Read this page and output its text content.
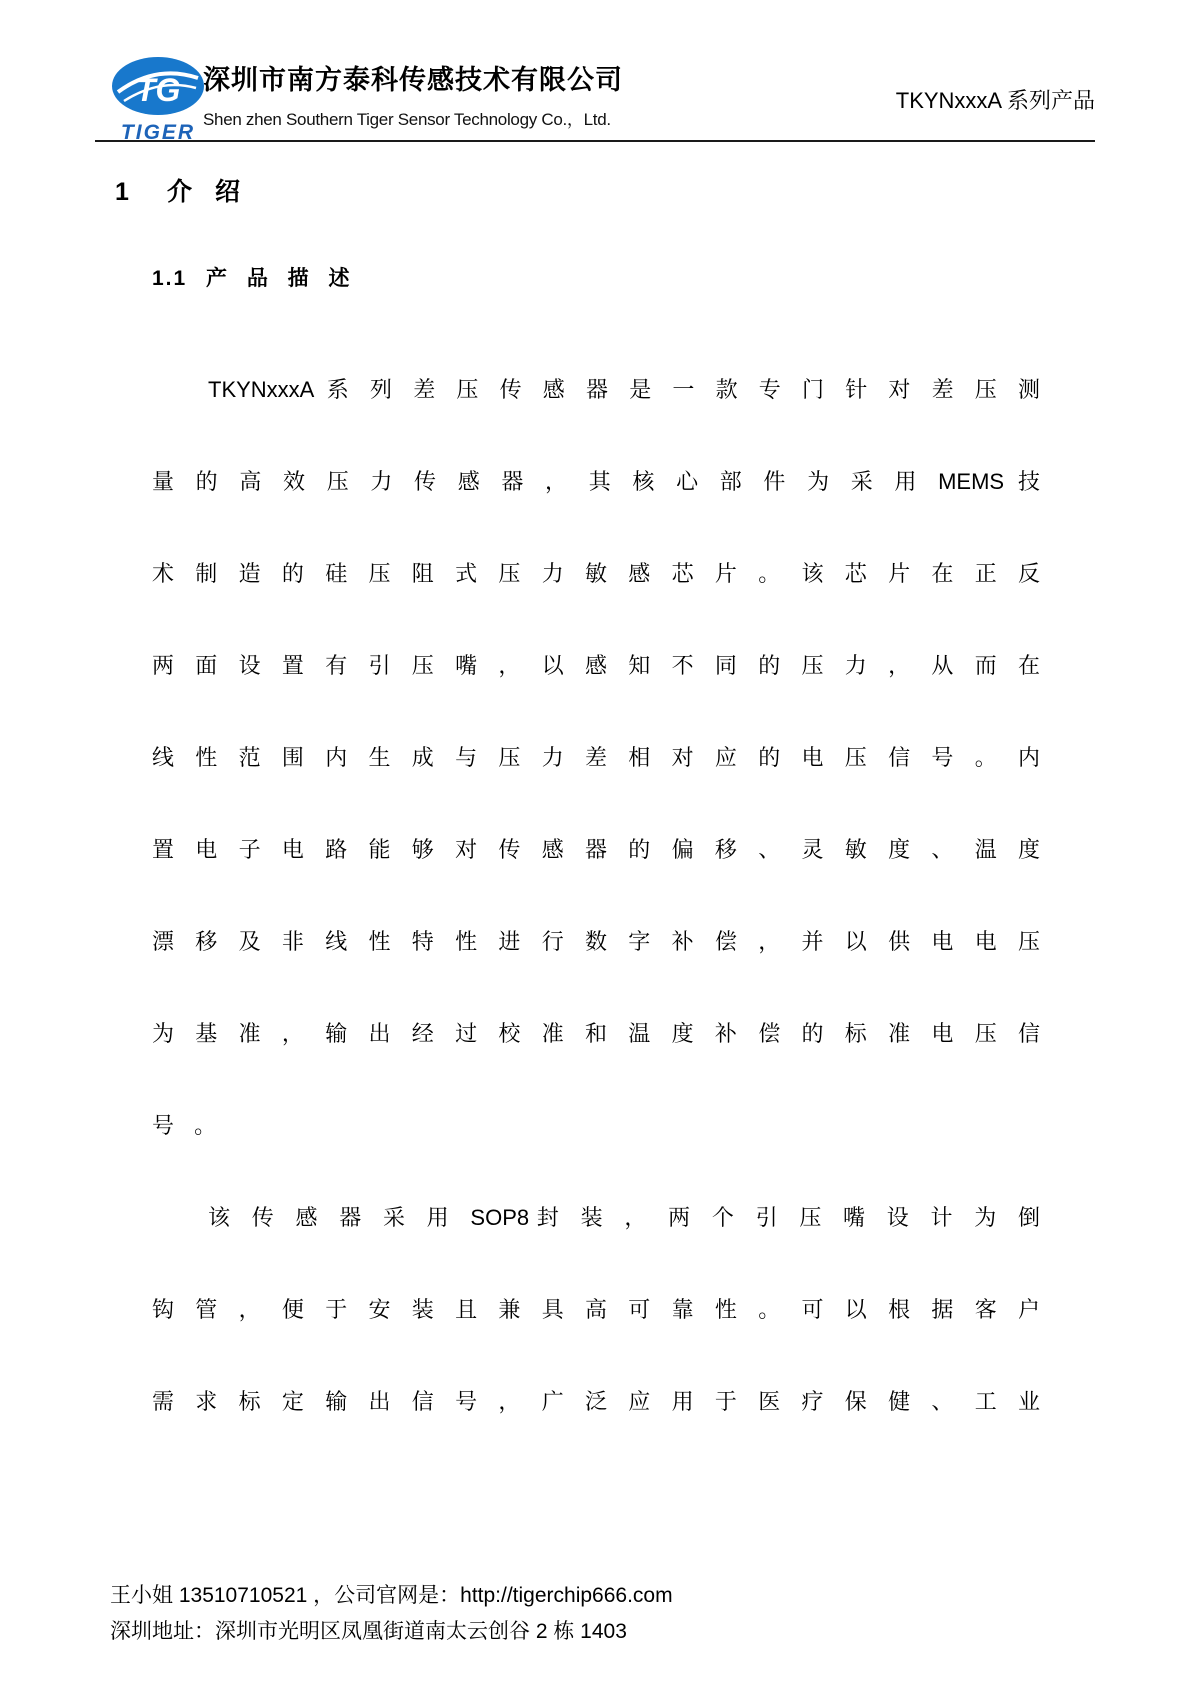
TG
TIGER
深圳市南方泰科传感技术有限公司
Shen zhen Southern Tiger Sensor Technology Co.，Ltd.
TKYNxxxA 系列产品
1 介 绍
1.1 产 品 描 述
TKYNxxxA 系 列 差 压 传 感 器 是 一 款 专 门 针 对 差 压 测
量 的 高 效 压 力 传 感 器 ， 其 核 心 部 件 为 采 用 MEMS 技
术 制 造 的 硅 压 阻 式 压 力 敏 感 芯 片 。 该 芯 片 在 正 反
两 面 设 置 有 引 压 嘴 ， 以 感 知 不 同 的 压 力 ， 从 而 在
线 性 范 围 内 生 成 与 压 力 差 相 对 应 的 电 压 信 号 。 内
置 电 子 电 路 能 够 对 传 感 器 的 偏 移 、 灵 敏 度 、 温 度
漂 移 及 非 线 性 特 性 进 行 数 字 补 偿 ， 并 以 供 电 电 压
为 基 准 ， 输 出 经 过 校 准 和 温 度 补 偿 的 标 准 电 压 信
号 。
该 传 感 器 采 用 SOP8封 装 ， 两 个 引 压 嘴 设 计 为 倒
钩 管 ， 便 于 安 装 且 兼 具 高 可 靠 性 。 可 以 根 据 客 户
需 求 标 定 输 出 信 号 ， 广 泛 应 用 于 医 疗 保 健 、 工 业
王小姐 13510710521 ，公司官网是：http://tigerchip666.com
深圳地址：深圳市光明区凤凰街道南太云创谷 2 栋 1403
